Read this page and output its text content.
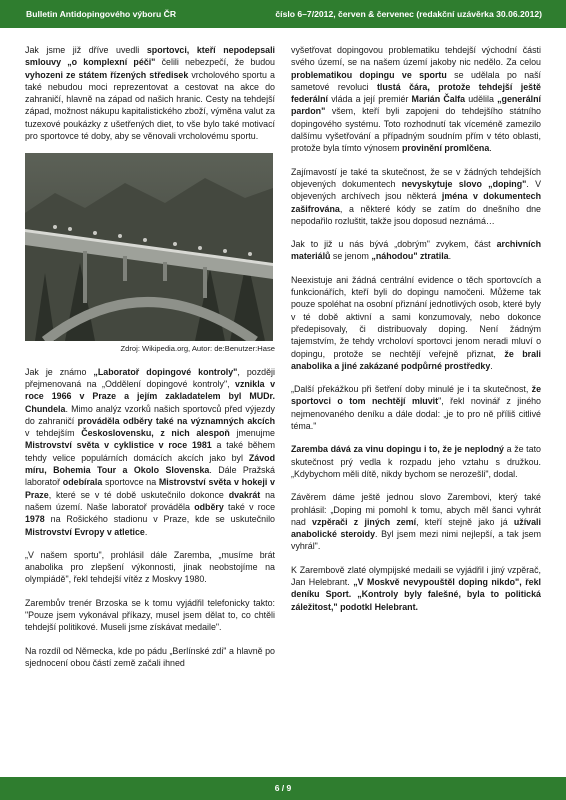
Bulletin Antidopingového výboru ČR	číslo 6–7/2012, červen & červenec (redakční uzávěrka 30.06.2012)

Jak jsme již dříve uvedli sportovci, kteří nepodepsali smlouvy „o komplexní péči" čelili nebezpečí, že budou vyhozeni ze státem řízených středisek vrcholového sportu a také nebudou moci reprezentovat a cestovat na akce do zahraničí, hlavně na západ od našich hranic. Cesty na tehdejší západ, možnost nákupu kapitalistického zboží, výměna valut za tuzexové poukázky z ušetřených diet, to vše bylo také motivací pro sportovce té doby, aby se věnovali vrcholovému sportu.

Zdroj: Wikipedia.org, Autor: de:Benutzer:Hase

Jak je známo „Laboratoř dopingové kontroly", později přejmenovaná na „Oddělení dopingové kontroly", vznikla v roce 1966 v Praze a jejím zakladatelem byl MUDr. Chundela. Mimo analýz vzorků našich sportovců před výjezdy do zahraničí prováděla odběry také na významných akcích v tehdejším Československu, z nich alespoň jmenujme Mistrovství světa v cyklistice v roce 1981 a také během tehdy velice populárních domácích akcích jako byl Závod míru, Bohemia Tour a Okolo Slovenska. Dále Pražská laboratoř odebírala sportovce na Mistrovství světa v hokeji v Praze, které se v té době uskutečnilo dokonce dvakrát na našem území. Naše laboratoř prováděla odběry také v roce 1978 na Rošického stadionu v Praze, kde se uskutečnilo Mistrovství Evropy v atletice.

„V našem sportu", prohlásil dále Zaremba, „musíme brát anabolika pro zlepšení výkonnosti, jinak neobstojíme na olympiádě", řekl tehdejší vítěz z Moskvy 1980.

Zarembův trenér Brzoska se k tomu vyjádřil telefonicky takto: "Pouze jsem vykonával příkazy, musel jsem dělat to, co chtěli tehdejší politikové. Museli jsme získávat medaile".

Na rozdíl od Německa, kde po pádu „Berlínské zdi" a hlavně po sjednocení obou částí země začali ihned

vyšetřovat dopingovou problematiku tehdejší východní části svého území, se na našem území jakoby nic nedělo. Za celou problematikou dopingu ve sportu se udělala po naší sametové revoluci tlustá čára, protože tehdejší ještě federální vláda a její premiér Marián Čalfa udělila „generální pardon" všem, kteří byli zapojeni do tehdejšího státního dopingového systému. Toto rozhodnutí tak víceméně zamezilo dalšímu vyšetřování a případným soudním přím v této oblasti, protože byla tímto výnosem provinění promlčena.

Zajímavostí je také ta skutečnost, že se v žádných tehdejších objevených dokumentech nevyskytuje slovo „doping". V objevených archívech jsou některá jména v dokumentech zašifrována, a některé kódy se zatím do dnešního dne nepodařilo rozluštit, takže jsou doposud neznámá…

Jak to již u nás bývá „dobrým" zvykem, část archivních materiálů se jenom „náhodou" ztratila.

Neexistuje ani žádná centrální evidence o těch sportovcích a funkcionářích, kteří byli do dopingu namočeni. Můžeme tak pouze spoléhat na osobní přiznání jednotlivých osob, které byly v té době aktivní a sami konzumovaly, nebo dokonce předepisovaly, či distribuovaly doping. Není žádným tajemstvím, že tehdy vrcholoví sportovci jenom neradi mluví o dopingu, protože se nechtějí veřejně přiznat, že brali anabolika a jiné zakázané podpůrné prostředky.

„Další překážkou při šetření doby minulé je i ta skutečnost, že sportovci o tom nechtějí mluvit", řekl novinář z jiného nejmenovaného deníku a dále dodal: „je to pro ně příliš citlivé téma."

Zaremba dává za vinu dopingu i to, že je neplodný a že tato skutečnost prý vedla k rozpadu jeho vztahu s družkou. „Kdybychom měli dítě, nikdy bychom se nerozešli", dodal.

Závěrem dáme ještě jednou slovo Zarembovi, který také prohlásil: „Doping mi pomohl k tomu, abych měl šanci vyhrát nad vzpěrači z jiných zemí, kteří stejně jako já užívali anabolické steroidy. Byl jsem mezi nimi nejlepší, a tak jsem vyhrál".

K Zarembově zlaté olympijské medaili se vyjádřil i jiný vzpěrač, Jan Helebrant. „V Moskvě nevypouštěl doping nikdo", řekl deníku Sport. „Kontroly byly falešné, byla to politická záležitost," podotkl Helebrant.

6 / 9
